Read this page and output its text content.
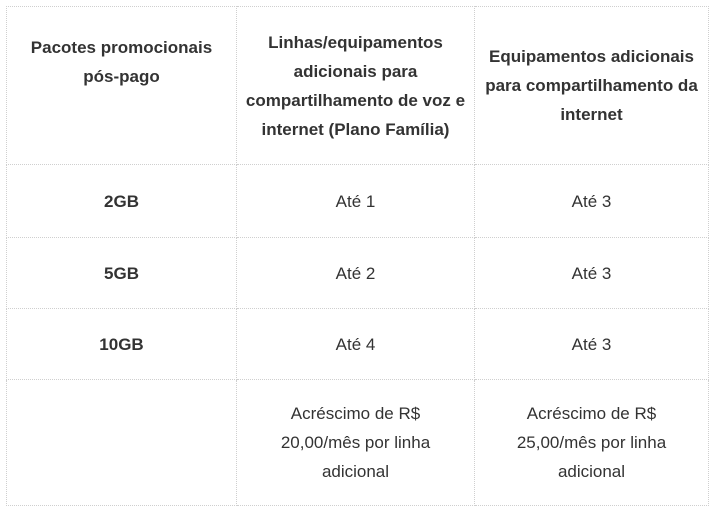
Pacotes promocionais pós-pago	Linhas/equipamentos adicionais para compartilhamento de voz e internet (Plano Família)	Equipamentos adicionais para compartilhamento da internet
2GB	Até 1	Até 3
5GB	Até 2	Até 3
10GB	Até 4	Até 3
	Acréscimo de R$ 20,00/mês por linha adicional	Acréscimo de R$ 25,00/mês por linha adicional
